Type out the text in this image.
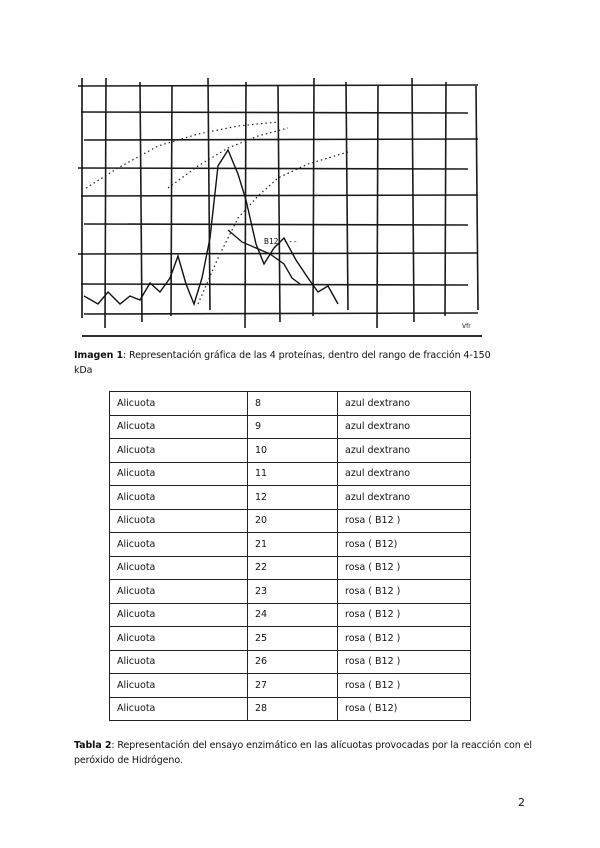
B12 ---
Vfr
Imagen 1: Representación gráfica de las 4 proteínas, dentro del rango de fracción 4-150 kDa
Alicuota	8	azul dextrano
Alicuota	9	azul dextrano
Alicuota	10	azul dextrano
Alicuota	11	azul dextrano
Alicuota	12	azul dextrano
Alicuota	20	rosa ( B12 )
Alicuota	21	rosa ( B12)
Alicuota	22	rosa ( B12 )
Alicuota	23	rosa ( B12 )
Alicuota	24	rosa ( B12 )
Alicuota	25	rosa ( B12 )
Alicuota	26	rosa ( B12 )
Alicuota	27	rosa ( B12 )
Alicuota	28	rosa ( B12)
Tabla 2: Representación del ensayo enzimático en las alícuotas provocadas por la reacción con el peróxido de Hidrógeno.
2
